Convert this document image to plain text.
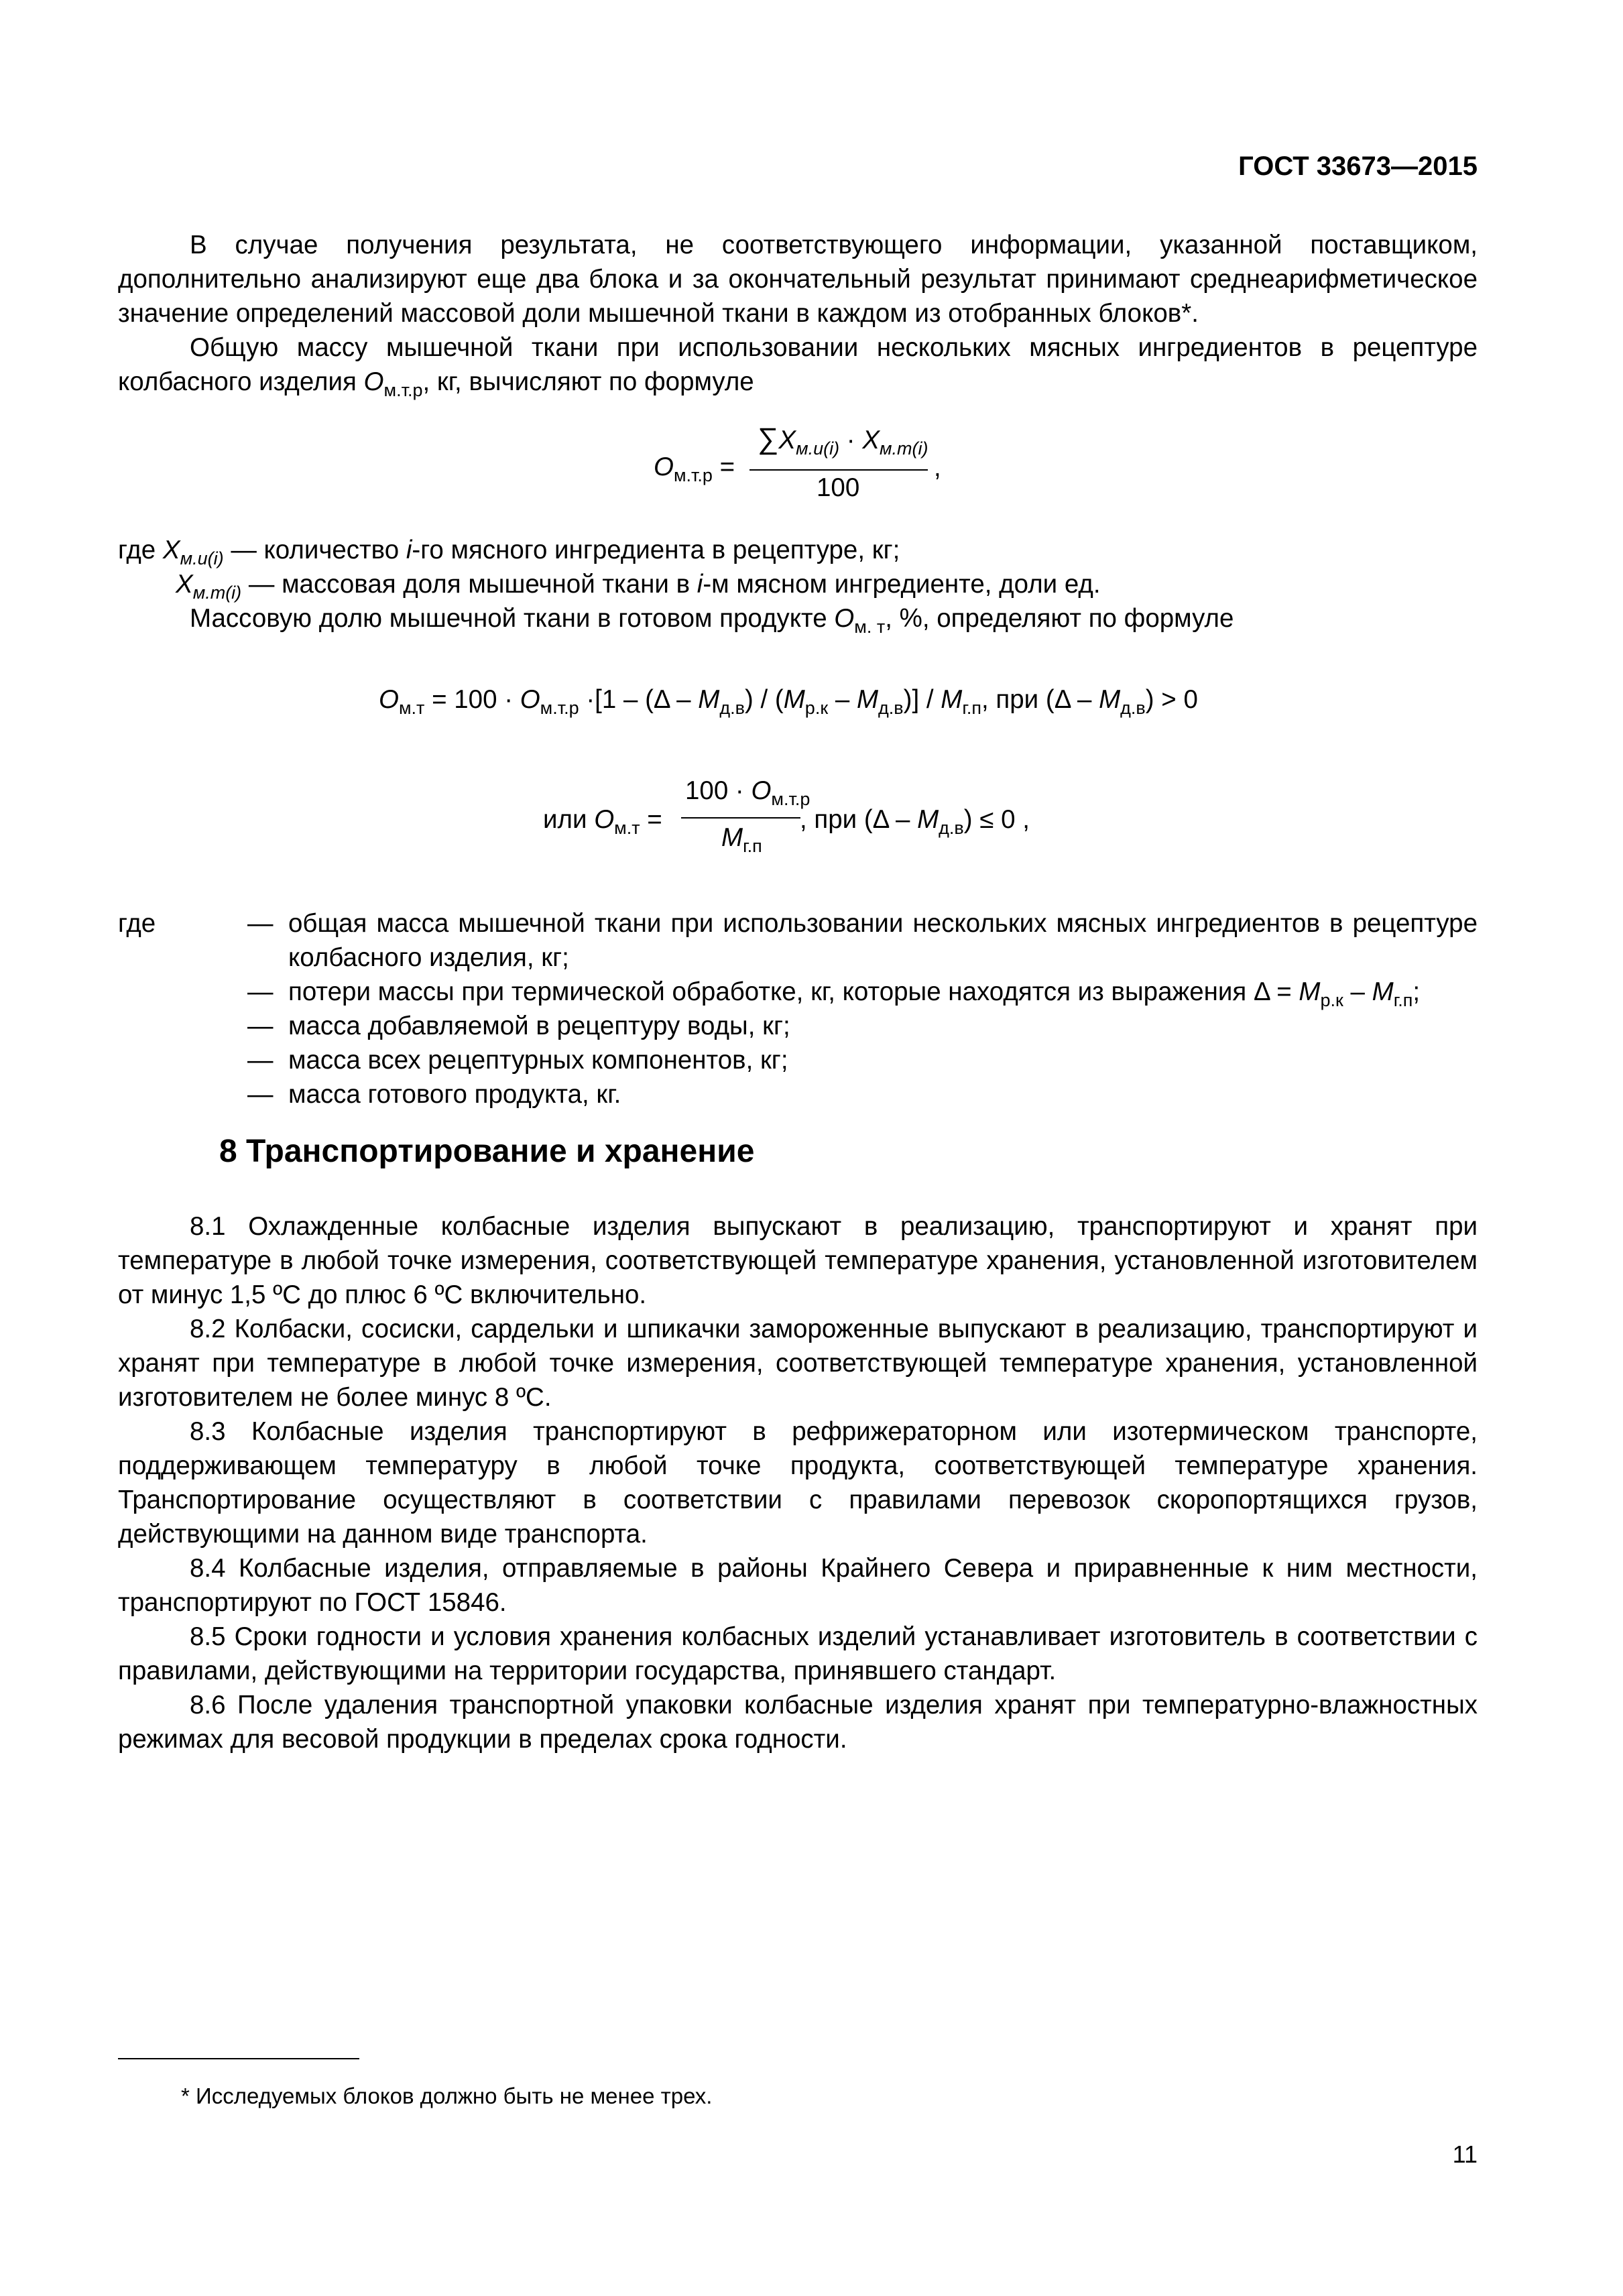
ГОСТ 33673—2015
В случае получения результата, не соответствующего информации, указанной поставщиком, дополнительно анализируют еще два блока и за окончательный результат принимают среднеарифметическое значение определений массовой доли мышечной ткани в каждом из отобранных блоков*.
Общую массу мышечной ткани при использовании нескольких мясных ингредиентов в рецептуре колбасного изделия $О_{м.т.р}$, кг, вычисляют по формуле
$О_{м.т.р}$ =
$\sum X_{м.и(i)} \cdot X_{м.т(i)}$
100
,
где $X_{м.и(i)}$ — количество i-го мясного ингредиента в рецептуре, кг;
$X_{м.т(i)}$ — массовая доля мышечной ткани в i-м мясном ингредиенте, доли ед.
Массовую долю мышечной ткани в готовом продукте $О_{м. т}$, %, определяют по формуле
$О_{м.т} = 100 \cdot О_{м.т.р} \cdot[1 - (\Delta - М_{д.в}) / (М_{р.к} - М_{д.в})] / М_{г.п}$, при $(\Delta - М_{д.в}) > 0$
или $О_{м.т}$ =
$100 \cdot О_{м.т.р}$
$М_{г.п}$
, при $(\Delta - М_{д.в}) \le 0$ ,
где	— общая масса мышечной ткани при использовании нескольких мясных ингредиентов в рецептуре колбасного изделия, кг;
— потери массы при термической обработке, кг, которые находятся из выражения $\Delta = М_{р.к} - М_{г.п}$;
— масса добавляемой в рецептуру воды, кг;
— масса всех рецептурных компонентов, кг;
— масса готового продукта, кг.
8 Транспортирование и хранение
8.1 Охлажденные колбасные изделия выпускают в реализацию, транспортируют и хранят при температуре в любой точке измерения, соответствующей температуре хранения, установленной изготовителем от минус 1,5 ºС до плюс 6 ºС включительно.
8.2 Колбаски, сосиски, сардельки и шпикачки замороженные выпускают в реализацию, транспортируют и хранят при температуре в любой точке измерения, соответствующей температуре хранения, установленной изготовителем не более минус 8 ºС.
8.3 Колбасные изделия транспортируют в рефрижераторном или изотермическом транспорте, поддерживающем температуру в любой точке продукта, соответствующей температуре хранения. Транспортирование осуществляют в соответствии с правилами перевозок скоропортящихся грузов, действующими на данном виде транспорта.
8.4 Колбасные изделия, отправляемые в районы Крайнего Севера и приравненные к ним местности, транспортируют по ГОСТ 15846.
8.5 Сроки годности и условия хранения колбасных изделий устанавливает изготовитель в соответствии с правилами, действующими на территории государства, принявшего стандарт.
8.6 После удаления транспортной упаковки колбасные изделия хранят при температурно-влажностных режимах для весовой продукции в пределах срока годности.
* Исследуемых блоков должно быть не менее трех.
11
